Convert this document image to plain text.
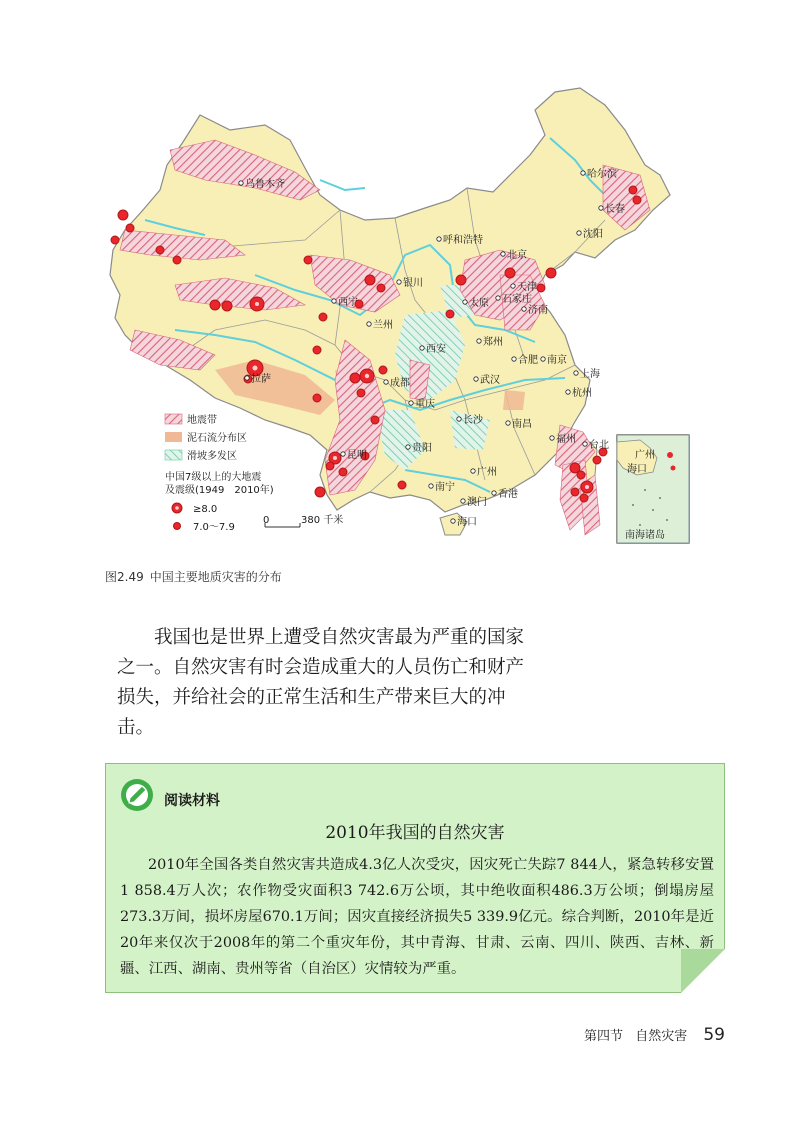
乌鲁木齐
哈尔滨
长春
沈阳
呼和浩特
北京
天津
石家庄
太原
济南
银川
西宁
兰州
郑州
西安
合肥 南京
上海
拉萨	成都	武汉
杭州
重庆
长沙	南昌
福州
台北
贵阳
昆明
广州
南宁
澳门
香港
海口
海口
广州
南海诸岛
地震带
泥石流分布区
滑坡多发区
中国7级以上的大地震
及震级(1949　2010年)
≥8.0
7.0～7.9
0	380 千米
图2.49 中国主要地质灾害的分布

我国也是世界上遭受自然灾害最为严重的国家之一。自然灾害有时会造成重大的人员伤亡和财产损失，并给社会的正常生活和生产带来巨大的冲击。

阅读材料
2010年我国的自然灾害

2010年全国各类自然灾害共造成4.3亿人次受灾，因灾死亡失踪7 844人，紧急转移安置1 858.4万人次；农作物受灾面积3 742.6万公顷，其中绝收面积486.3万公顷；倒塌房屋273.3万间，损坏房屋670.1万间；因灾直接经济损失5 339.9亿元。综合判断，2010年是近20年来仅次于2008年的第二个重灾年份，其中青海、甘肃、云南、四川、陕西、吉林、新疆、江西、湖南、贵州等省（自治区）灾情较为严重。

第四节 自然灾害 59
